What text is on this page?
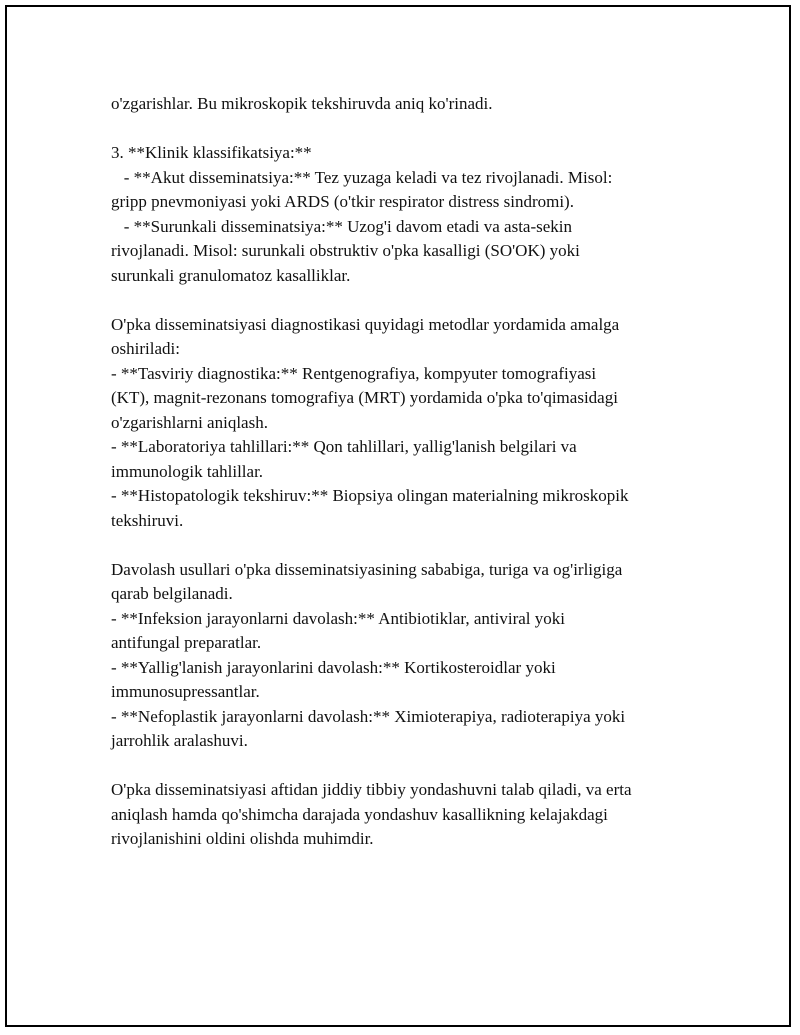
o'zgarishlar. Bu mikroskopik tekshiruvda aniq ko'rinadi.
3. **Klinik klassifikatsiya:**
- **Akut disseminatsiya:** Tez yuzaga keladi va tez rivojlanadi. Misol:
gripp pnevmoniyasi yoki ARDS (o'tkir respirator distress sindromi).
- **Surunkali disseminatsiya:** Uzog'i davom etadi va asta-sekin
rivojlanadi. Misol: surunkali obstruktiv o'pka kasalligi (SO'OK) yoki
surunkali granulomatoz kasalliklar.
O'pka disseminatsiyasi diagnostikasi quyidagi metodlar yordamida amalga
oshiriladi:
- **Tasviriy diagnostika:** Rentgenografiya, kompyuter tomografiyasi
(KT), magnit-rezonans tomografiya (MRT) yordamida o'pka to'qimasidagi
o'zgarishlarni aniqlash.
- **Laboratoriya tahlillari:** Qon tahlillari, yallig'lanish belgilari va
immunologik tahlillar.
- **Histopatologik tekshiruv:** Biopsiya olingan materialning mikroskopik
tekshiruvi.
Davolash usullari o'pka disseminatsiyasining sababiga, turiga va og'irligiga
qarab belgilanadi.
- **Infeksion jarayonlarni davolash:** Antibiotiklar, antiviral yoki
antifungal preparatlar.
- **Yallig'lanish jarayonlarini davolash:** Kortikosteroidlar yoki
immunosupressantlar.
- **Nefoplastik jarayonlarni davolash:** Ximioterapiya, radioterapiya yoki
jarrohlik aralashuvi.
O'pka disseminatsiyasi aftidan jiddiy tibbiy yondashuvni talab qiladi, va erta
aniqlash hamda qo'shimcha darajada yondashuv kasallikning kelajakdagi
rivojlanishini oldini olishda muhimdir.
